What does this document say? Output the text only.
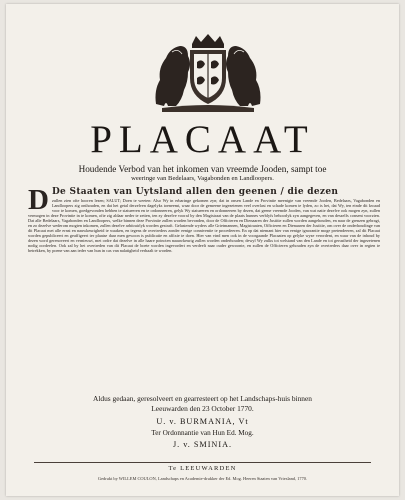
PLACAAT
Houdende Verbod van het inkomen van vreemde Jooden, sampt toe
weeringe van Bedelaars, Vagabonden en Landloopers.
D De Staaten van Uytsland allen den geenen / die dezen
zullen zien ofte hooren lezen; SALUT; Doen te weeten: Also Wy in erbaringe gekomen zyn; dat in onsen Lande en Provintie meenigte van vreemde Jooden, Bedelaars, Vagabonden en Landloopers zig onthouden, en dat het getal derzelven dagelyks toeneemt, waar door de gemeene ingezetenen veel overlast en schade komen te lyden, zo is het, dat Wy, ten einde dit kwaad voor te komen, goedgevonden hebben te statueeren en te ordonneeren, gelyk Wy statueeren en ordonneeren by dezen, dat geene vreemde Jooden, van wat natie dezelve ook mogen zyn, zullen vermogen in deze Provintie in te komen, ofte zig aldaar neder te zetten, ten zy dezelve vooraf by den Magistraat van de plaats hunnes verblyfs behoorlyk zyn aangegeven, en van deszelfs consent voorzien. Dat alle Bedelaars, Vagabonden en Landloopers, welke binnen deze Provintie zullen worden bevonden, door de Officieren en Dienaaren der Justitie zullen worden aangehouden, en naar de grenzen gebragt, en zo dezelve wederom mogten inkomen, zullen dezelve arbitrairlyk worden gestraft. Gelastende wyders alle Grietmannen, Magistraaten, Officieren en Dienaaren der Justitie, om over de onderhoudinge van dit Placaat met alle ernst en nauwkeurigheid te waaken, en tegens de overtreders zonder eenige conniventie te procedeeren. En op dat niemant hier van eenige ignorantie moge pretendeeren, zal dit Placaat worden gepubliceert en geaffigeert ter plaatse daar men gewoon is publicatie en affixie te doen. Hier van vind men ook in de voorgaande Placaaten op gelyke wyze verordent, en waar van de inhoud by dezen word gerenoveert en vernieuwt, met ordre dat dezelve in alle haare poincten naauwkeurig zullen worden onderhouden; dewyl Wy zulks tot welstand van den Lande en tot gerustheid der ingezetenen nodig oordeelen. Ook zal by het overtreden van dit Placaat de boete worden ingevordert en verdeelt naar ouder gewoonte, en zullen de Officieren gehouden zyn de overtreders daar over in regten te betrekken, by poene van aan ieder van hun in cas van nalatigheid verhaalt te worden.
Aldus gedaan, geresolveert en gearresteert op het Landschaps-huis binnen
Leeuwarden den 23 October 1770.
U. v. BURMANIA, Vt
Ter Ordonnantie van Hun Ed. Mog.
J. v. SMINIA.
Te LEEUWARDEN
Gedrukt by WILLEM COULON, Landschaps en Academie-drukker der Ed. Mog. Heeren Staaten van Vriesland, 1770.
